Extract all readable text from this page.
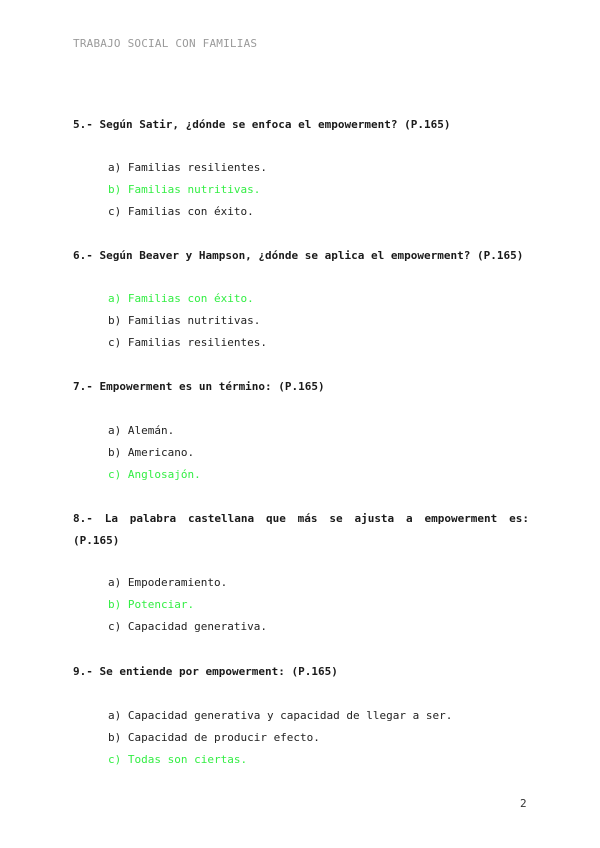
TRABAJO SOCIAL CON FAMILIAS
5.- Según Satir, ¿dónde se enfoca el empowerment? (P.165)
a) Familias resilientes.
b) Familias nutritivas.
c) Familias con éxito.
6.- Según Beaver y Hampson, ¿dónde se aplica el empowerment? (P.165)
a) Familias con éxito.
b) Familias nutritivas.
c) Familias resilientes.
7.- Empowerment es un término: (P.165)
a) Alemán.
b) Americano.
c) Anglosajón.
8.- La palabra castellana que más se ajusta a empowerment es: (P.165)
a) Empoderamiento.
b) Potenciar.
c) Capacidad generativa.
9.- Se entiende por empowerment: (P.165)
a) Capacidad generativa y capacidad de llegar a ser.
b) Capacidad de producir efecto.
c) Todas son ciertas.
2
